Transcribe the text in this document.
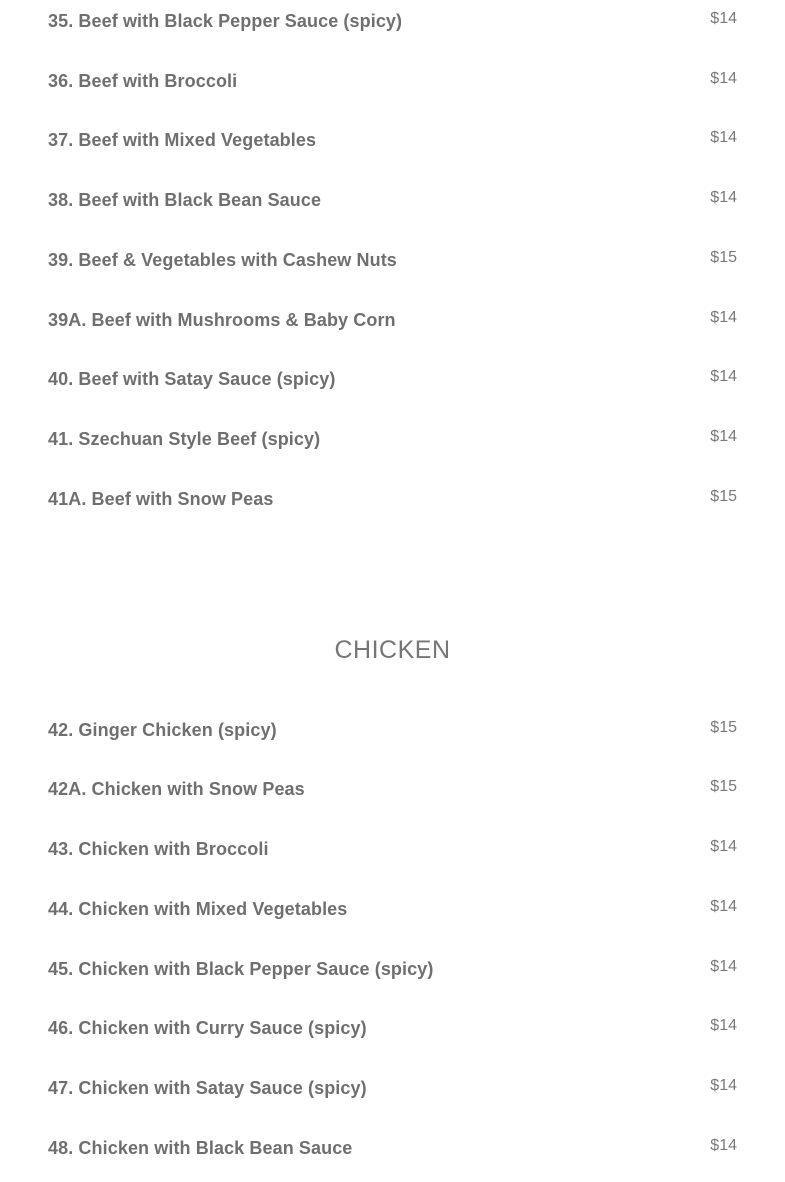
35. Beef with Black Pepper Sauce (spicy)	$14
36. Beef with Broccoli	$14
37. Beef with Mixed Vegetables	$14
38. Beef with Black Bean Sauce	$14
39. Beef & Vegetables with Cashew Nuts	$15
39A. Beef with Mushrooms & Baby Corn	$14
40. Beef with Satay Sauce (spicy)	$14
41. Szechuan Style Beef (spicy)	$14
41A. Beef with Snow Peas	$15
CHICKEN
42. Ginger Chicken (spicy)	$15
42A. Chicken with Snow Peas	$15
43. Chicken with Broccoli	$14
44. Chicken with Mixed Vegetables	$14
45. Chicken with Black Pepper Sauce (spicy)	$14
46. Chicken with Curry Sauce (spicy)	$14
47. Chicken with Satay Sauce (spicy)	$14
48. Chicken with Black Bean Sauce	$14
